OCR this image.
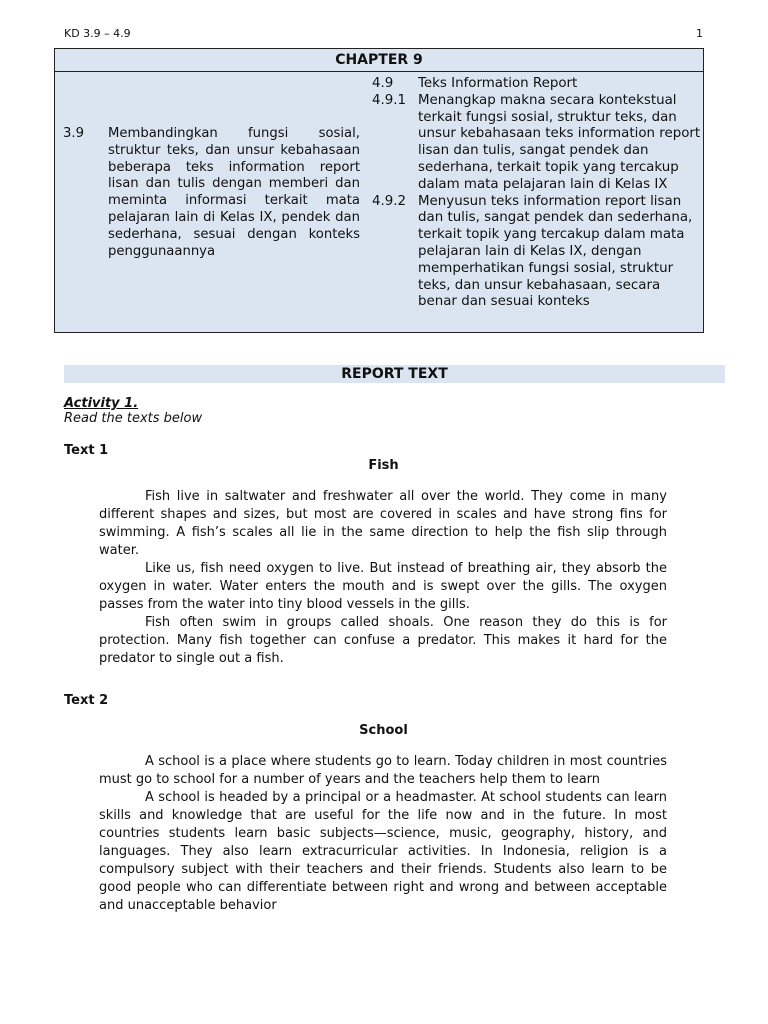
KD 3.9 – 4.9	1
CHAPTER 9
3.9 Membandingkan fungsi sosial, struktur teks, dan unsur kebahasaan beberapa teks information report lisan dan tulis dengan memberi dan meminta informasi terkait mata pelajaran lain di Kelas IX, pendek dan sederhana, sesuai dengan konteks penggunaannya
4.9 Teks Information Report
4.9.1 Menangkap makna secara kontekstual terkait fungsi sosial, struktur teks, dan unsur kebahasaan teks information report lisan dan tulis, sangat pendek dan sederhana, terkait topik yang tercakup dalam mata pelajaran lain di Kelas IX
4.9.2 Menyusun teks information report lisan dan tulis, sangat pendek dan sederhana, terkait topik yang tercakup dalam mata pelajaran lain di Kelas IX, dengan memperhatikan fungsi sosial, struktur teks, dan unsur kebahasaan, secara benar dan sesuai konteks
REPORT TEXT
Activity 1.
Read the texts below
Text 1
Fish

Fish live in saltwater and freshwater all over the world. They come in many different shapes and sizes, but most are covered in scales and have strong fins for swimming. A fish’s scales all lie in the same direction to help the fish slip through water.

Like us, fish need oxygen to live. But instead of breathing air, they absorb the oxygen in water. Water enters the mouth and is swept over the gills. The oxygen passes from the water into tiny blood vessels in the gills.

Fish often swim in groups called shoals. One reason they do this is for protection. Many fish together can confuse a predator. This makes it hard for the predator to single out a fish.

Text 2
School

A school is a place where students go to learn. Today children in most countries must go to school for a number of years and the teachers help them to learn

A school is headed by a principal or a headmaster. At school students can learn skills and knowledge that are useful for the life now and in the future. In most countries students learn basic subjects—science, music, geography, history, and languages. They also learn extracurricular activities. In Indonesia, religion is a compulsory subject with their teachers and their friends. Students also learn to be good people who can differentiate between right and wrong and between acceptable and unacceptable behavior
